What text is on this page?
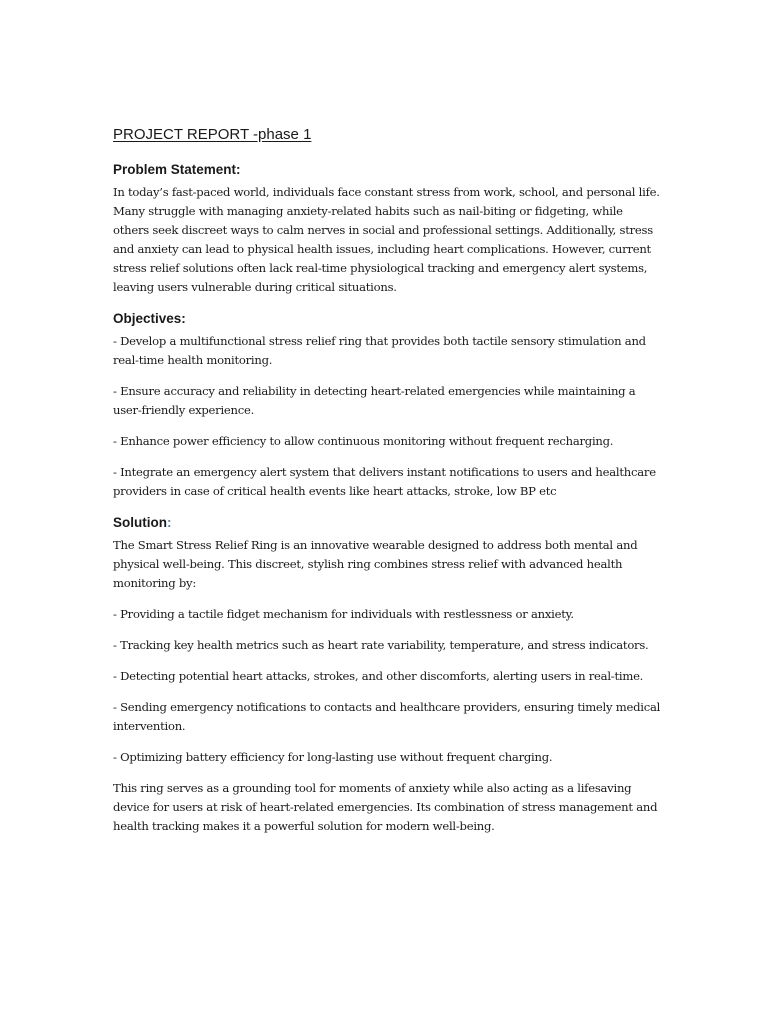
PROJECT REPORT -phase 1
Problem Statement:

In today’s fast-paced world, individuals face constant stress from work, school, and personal life. Many struggle with managing anxiety-related habits such as nail-biting or fidgeting, while others seek discreet ways to calm nerves in social and professional settings. Additionally, stress and anxiety can lead to physical health issues, including heart complications. However, current stress relief solutions often lack real-time physiological tracking and emergency alert systems, leaving users vulnerable during critical situations.

Objectives:

- Develop a multifunctional stress relief ring that provides both tactile sensory stimulation and real-time health monitoring.

- Ensure accuracy and reliability in detecting heart-related emergencies while maintaining a user-friendly experience.

- Enhance power efficiency to allow continuous monitoring without frequent recharging.

- Integrate an emergency alert system that delivers instant notifications to users and healthcare providers in case of critical health events like heart attacks, stroke, low BP etc

Solution:

The Smart Stress Relief Ring is an innovative wearable designed to address both mental and physical well-being. This discreet, stylish ring combines stress relief with advanced health monitoring by:

- Providing a tactile fidget mechanism for individuals with restlessness or anxiety.

- Tracking key health metrics such as heart rate variability, temperature, and stress indicators.

- Detecting potential heart attacks, strokes, and other discomforts, alerting users in real-time.

- Sending emergency notifications to contacts and healthcare providers, ensuring timely medical intervention.

- Optimizing battery efficiency for long-lasting use without frequent charging.

This ring serves as a grounding tool for moments of anxiety while also acting as a lifesaving device for users at risk of heart-related emergencies. Its combination of stress management and health tracking makes it a powerful solution for modern well-being.
